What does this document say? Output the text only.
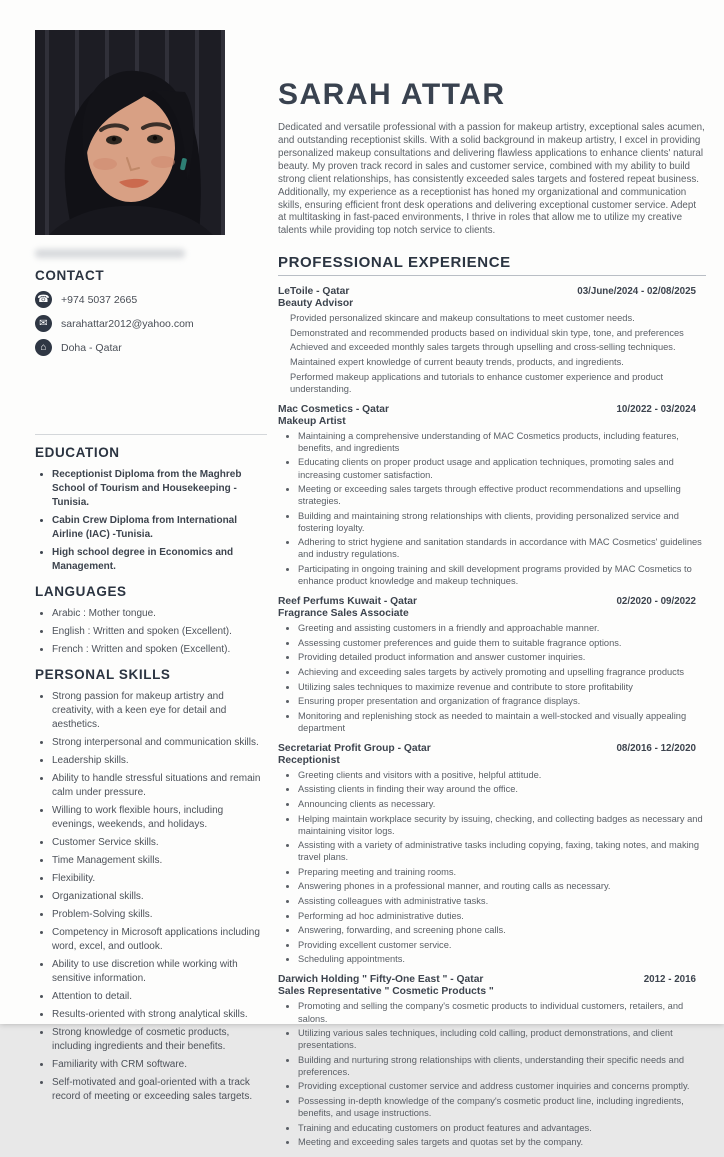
CONTACT
☎ +974 5037 2665
✉	sarahattar2012@yahoo.com
⌂	Doha - Qatar
EDUCATION
• Receptionist Diploma from the Maghreb School of Tourism and Housekeeping - Tunisia.
• Cabin Crew Diploma from International Airline (IAC) -Tunisia.
• High school degree in Economics and Management.
LANGUAGES
• Arabic : Mother tongue.
• English : Written and spoken (Excellent).
• French : Written and spoken (Excellent).
PERSONAL SKILLS
• Strong passion for makeup artistry and creativity, with a keen eye for detail and aesthetics.
• Strong interpersonal and communication skills.
• Leadership skills.
• Ability to handle stressful situations and remain calm under pressure.
• Willing to work flexible hours, including evenings, weekends, and holidays.
• Customer Service skills.
• Time Management skills.
• Flexibility.
• Organizational skills.
• Problem-Solving skills.
• Competency in Microsoft applications including word, excel, and outlook.
• Ability to use discretion while working with sensitive information.
• Attention to detail.
• Results-oriented with strong analytical skills.
• Strong knowledge of cosmetic products, including ingredients and their benefits.
• Familiarity with CRM software.
• Self-motivated and goal-oriented with a track record of meeting or exceeding sales targets.
SARAH ATTAR

Dedicated and versatile professional with a passion for makeup artistry, exceptional sales acumen, and outstanding receptionist skills. With a solid background in makeup artistry, I excel in providing personalized makeup consultations and delivering flawless applications to enhance clients' natural beauty. My proven track record in sales and customer service, combined with my ability to build strong client relationships, has consistently exceeded sales targets and fostered repeat business. Additionally, my experience as a receptionist has honed my organizational and communication skills, ensuring efficient front desk operations and delivering exceptional customer service. Adept at multitasking in fast-paced environments, I thrive in roles that allow me to utilize my creative talents while providing top notch service to clients.

PROFESSIONAL EXPERIENCE
LeToile - Qatar	03/June/2024 - 02/08/2025
Beauty Advisor
Provided personalized skincare and makeup consultations to meet customer needs.
Demonstrated and recommended products based on individual skin type, tone, and preferences
Achieved and exceeded monthly sales targets through upselling and cross-selling techniques.
Maintained expert knowledge of current beauty trends, products, and ingredients.
Performed makeup applications and tutorials to enhance customer experience and product understanding.
Mac Cosmetics - Qatar	10/2022 - 03/2024
Makeup Artist
• Maintaining a comprehensive understanding of MAC Cosmetics products, including features, benefits, and ingredients
• Educating clients on proper product usage and application techniques, promoting sales and increasing customer satisfaction.
• Meeting or exceeding sales targets through effective product recommendations and upselling strategies.
• Building and maintaining strong relationships with clients, providing personalized service and fostering loyalty.
• Adhering to strict hygiene and sanitation standards in accordance with MAC Cosmetics' guidelines and industry regulations.
• Participating in ongoing training and skill development programs provided by MAC Cosmetics to enhance product knowledge and makeup techniques.
Reef Perfums Kuwait - Qatar	02/2020 - 09/2022
Fragrance Sales Associate
• Greeting and assisting customers in a friendly and approachable manner.
• Assessing customer preferences and guide them to suitable fragrance options.
• Providing detailed product information and answer customer inquiries.
• Achieving and exceeding sales targets by actively promoting and upselling fragrance products
• Utilizing sales techniques to maximize revenue and contribute to store profitability
• Ensuring proper presentation and organization of fragrance displays.
• Monitoring and replenishing stock as needed to maintain a well-stocked and visually appealing department
Secretariat Profit Group - Qatar	08/2016 - 12/2020
Receptionist
• Greeting clients and visitors with a positive, helpful attitude.
• Assisting clients in finding their way around the office.
• Announcing clients as necessary.
• Helping maintain workplace security by issuing, checking, and collecting badges as necessary and maintaining visitor logs.
• Assisting with a variety of administrative tasks including copying, faxing, taking notes, and making travel plans.
• Preparing meeting and training rooms.
• Answering phones in a professional manner, and routing calls as necessary.
• Assisting colleagues with administrative tasks.
• Performing ad hoc administrative duties.
• Answering, forwarding, and screening phone calls.
• Providing excellent customer service.
• Scheduling appointments.
Darwich Holding " Fifty-One East " - Qatar	2012 - 2016
Sales Representative " Cosmetic Products "
• Promoting and selling the company's cosmetic products to individual customers, retailers, and salons.
• Utilizing various sales techniques, including cold calling, product demonstrations, and client presentations.
• Building and nurturing strong relationships with clients, understanding their specific needs and preferences.
• Providing exceptional customer service and address customer inquiries and concerns promptly.
• Possessing in-depth knowledge of the company's cosmetic product line, including ingredients, benefits, and usage instructions.
• Training and educating customers on product features and advantages.
• Meeting and exceeding sales targets and quotas set by the company.
